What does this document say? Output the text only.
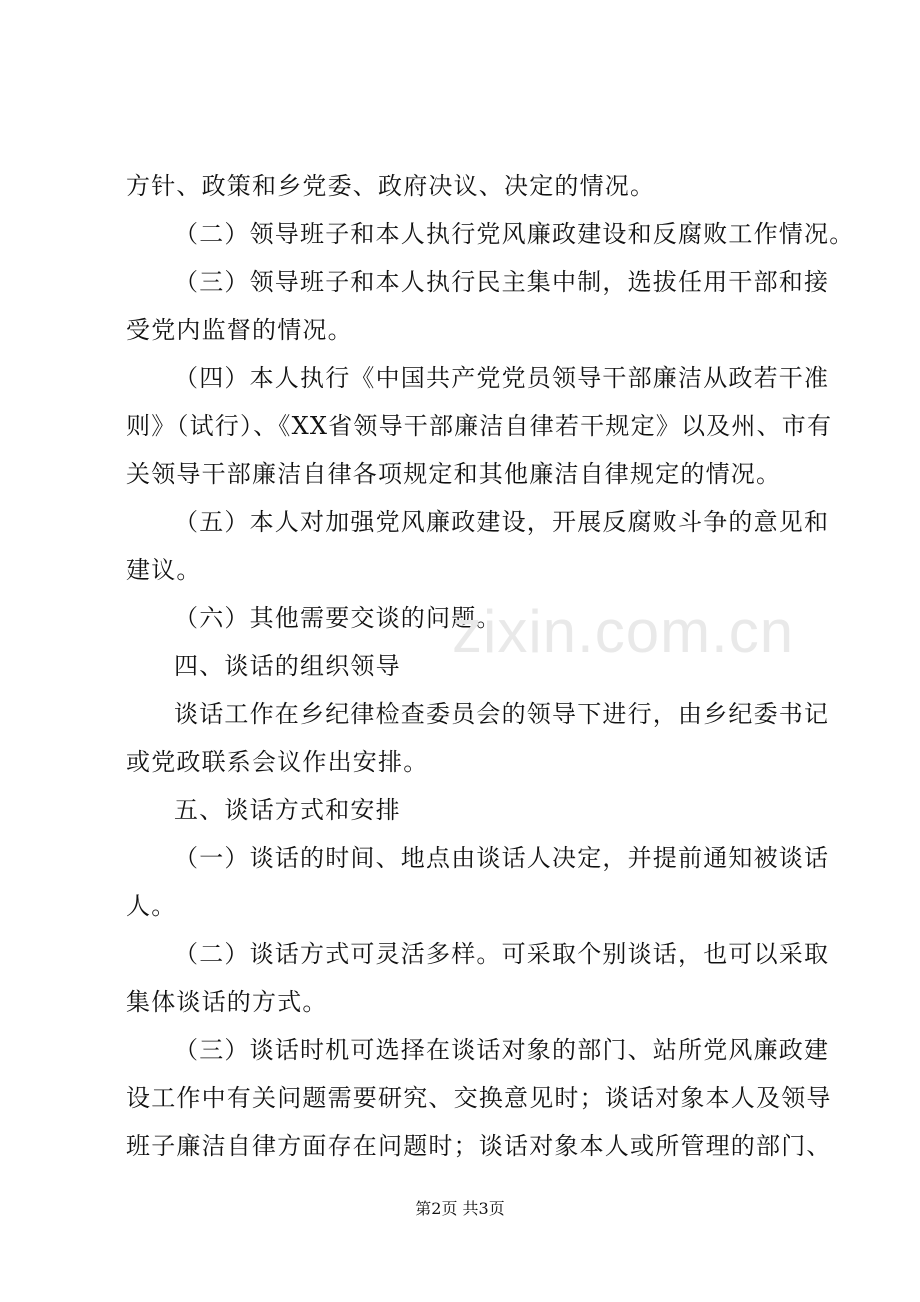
方针、政策和乡党委、政府决议、决定的情况。
（二）领导班子和本人执行党风廉政建设和反腐败工作情况。
（三）领导班子和本人执行民主集中制，选拔任用干部和接
受党内监督的情况。
（四）本人执行《中国共产党党员领导干部廉洁从政若干准
则》（试行）、《XX省领导干部廉洁自律若干规定》以及州、市有
关领导干部廉洁自律各项规定和其他廉洁自律规定的情况。
（五）本人对加强党风廉政建设，开展反腐败斗争的意见和
建议。
（六）其他需要交谈的问题。
zixin.com.cn
四、谈话的组织领导
谈话工作在乡纪律检查委员会的领导下进行，由乡纪委书记
或党政联系会议作出安排。
五、谈话方式和安排
（一）谈话的时间、地点由谈话人决定，并提前通知被谈话
人。
（二）谈话方式可灵活多样。可采取个别谈话，也可以采取
集体谈话的方式。
（三）谈话时机可选择在谈话对象的部门、站所党风廉政建
设工作中有关问题需要研究、交换意见时；谈话对象本人及领导
班子廉洁自律方面存在问题时；谈话对象本人或所管理的部门、
第2页 共3页
